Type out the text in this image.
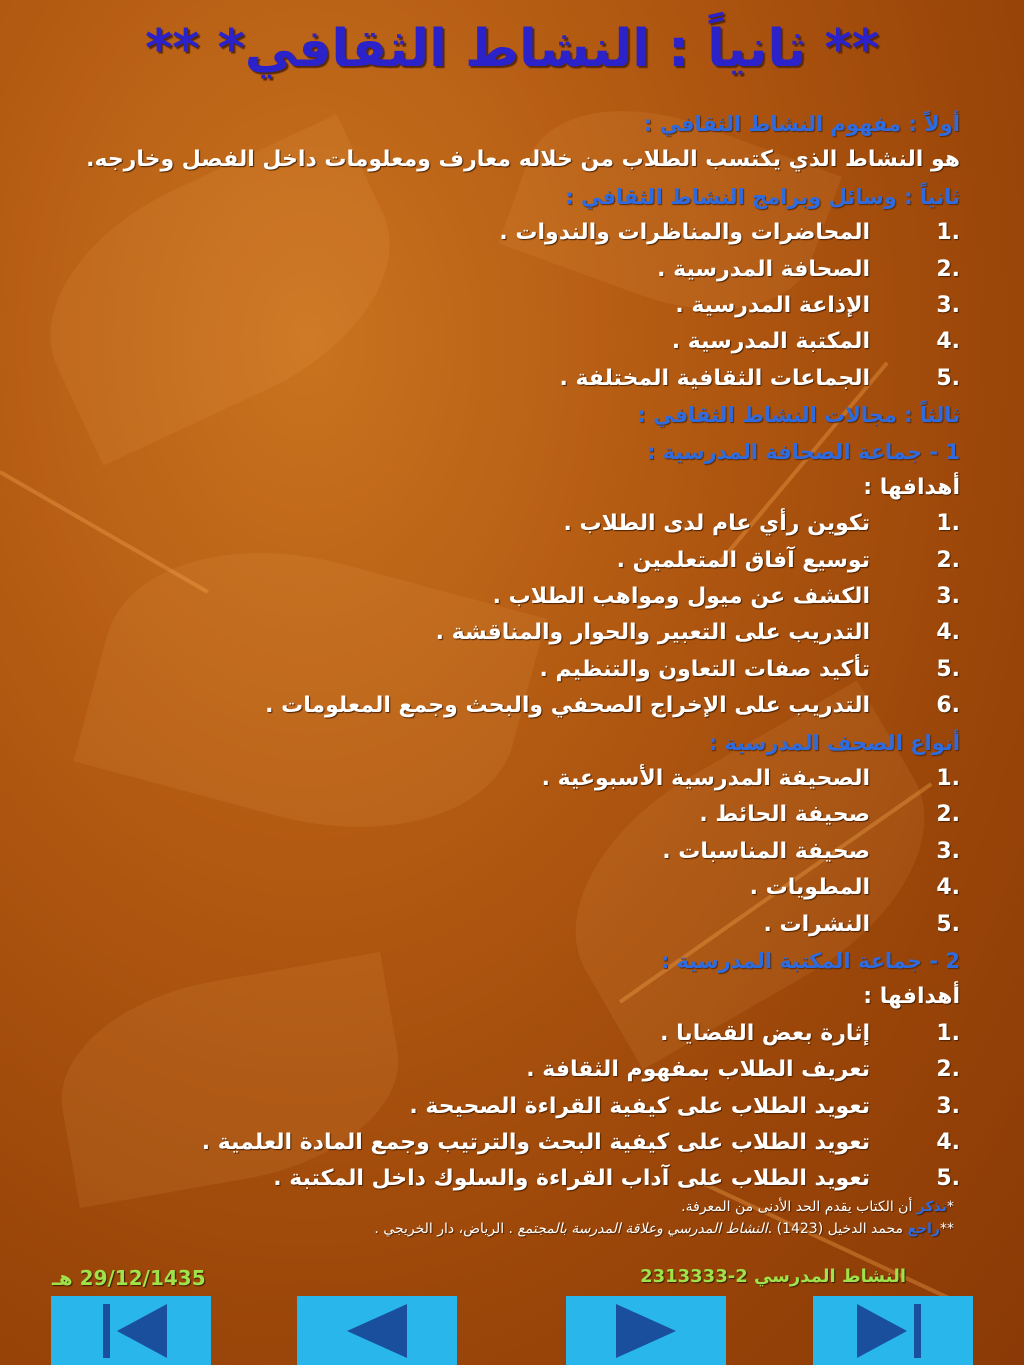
** ثانياً : النشاط الثقافي* **
أولاًَ : مفهوم النشاط الثقافي :
هو النشاط الذي يكتسب الطلاب من خلاله معارف ومعلومات داخل الفصل وخارجه.
ثانياً : وسائل وبرامج النشاط الثقافي :
1.
المحاضرات والمناظرات والندوات .
2.
الصحافة المدرسية .
3.
الإذاعة المدرسية .
4.
المكتبة المدرسية .
5.
الجماعات الثقافية المختلفة .
ثالثاً : مجالات النشاط الثقافي :
1 - جماعة الصحافة المدرسية :
أهدافها :
1.
تكوين رأي عام لدى الطلاب .
2.
توسيع آفاق المتعلمين .
3.
الكشف عن ميول ومواهب الطلاب .
4.
التدريب على التعبير والحوار والمناقشة .
5.
تأكيد صفات التعاون والتنظيم .
6.
التدريب على الإخراج الصحفي والبحث وجمع المعلومات .
أنواع الصحف المدرسية :
1.
الصحيفة المدرسية الأسبوعية .
2.
صحيفة الحائط .
3.
صحيفة المناسبات .
4.
المطويات .
5.
النشرات .
2 - جماعة المكتبة المدرسية :
أهدافها :
1.
إثارة بعض القضايا .
2.
تعريف الطلاب بمفهوم الثقافة .
3.
تعويد الطلاب على كيفية القراءة الصحيحة .
4.
تعويد الطلاب على كيفية البحث والترتيب وجمع المادة العلمية .
5.
تعويد الطلاب على آداب القراءة والسلوك داخل المكتبة .
*تذكر أن الكتاب يقدم الحد الأدنى من المعرفة.
**راجع محمد الدخيل (1423) .النشاط المدرسي وعلاقة المدرسة بالمجتمع . الرياض، دار الخريجي .
النشاط المدرسي 2-2313333
29/12/1435 هـ
